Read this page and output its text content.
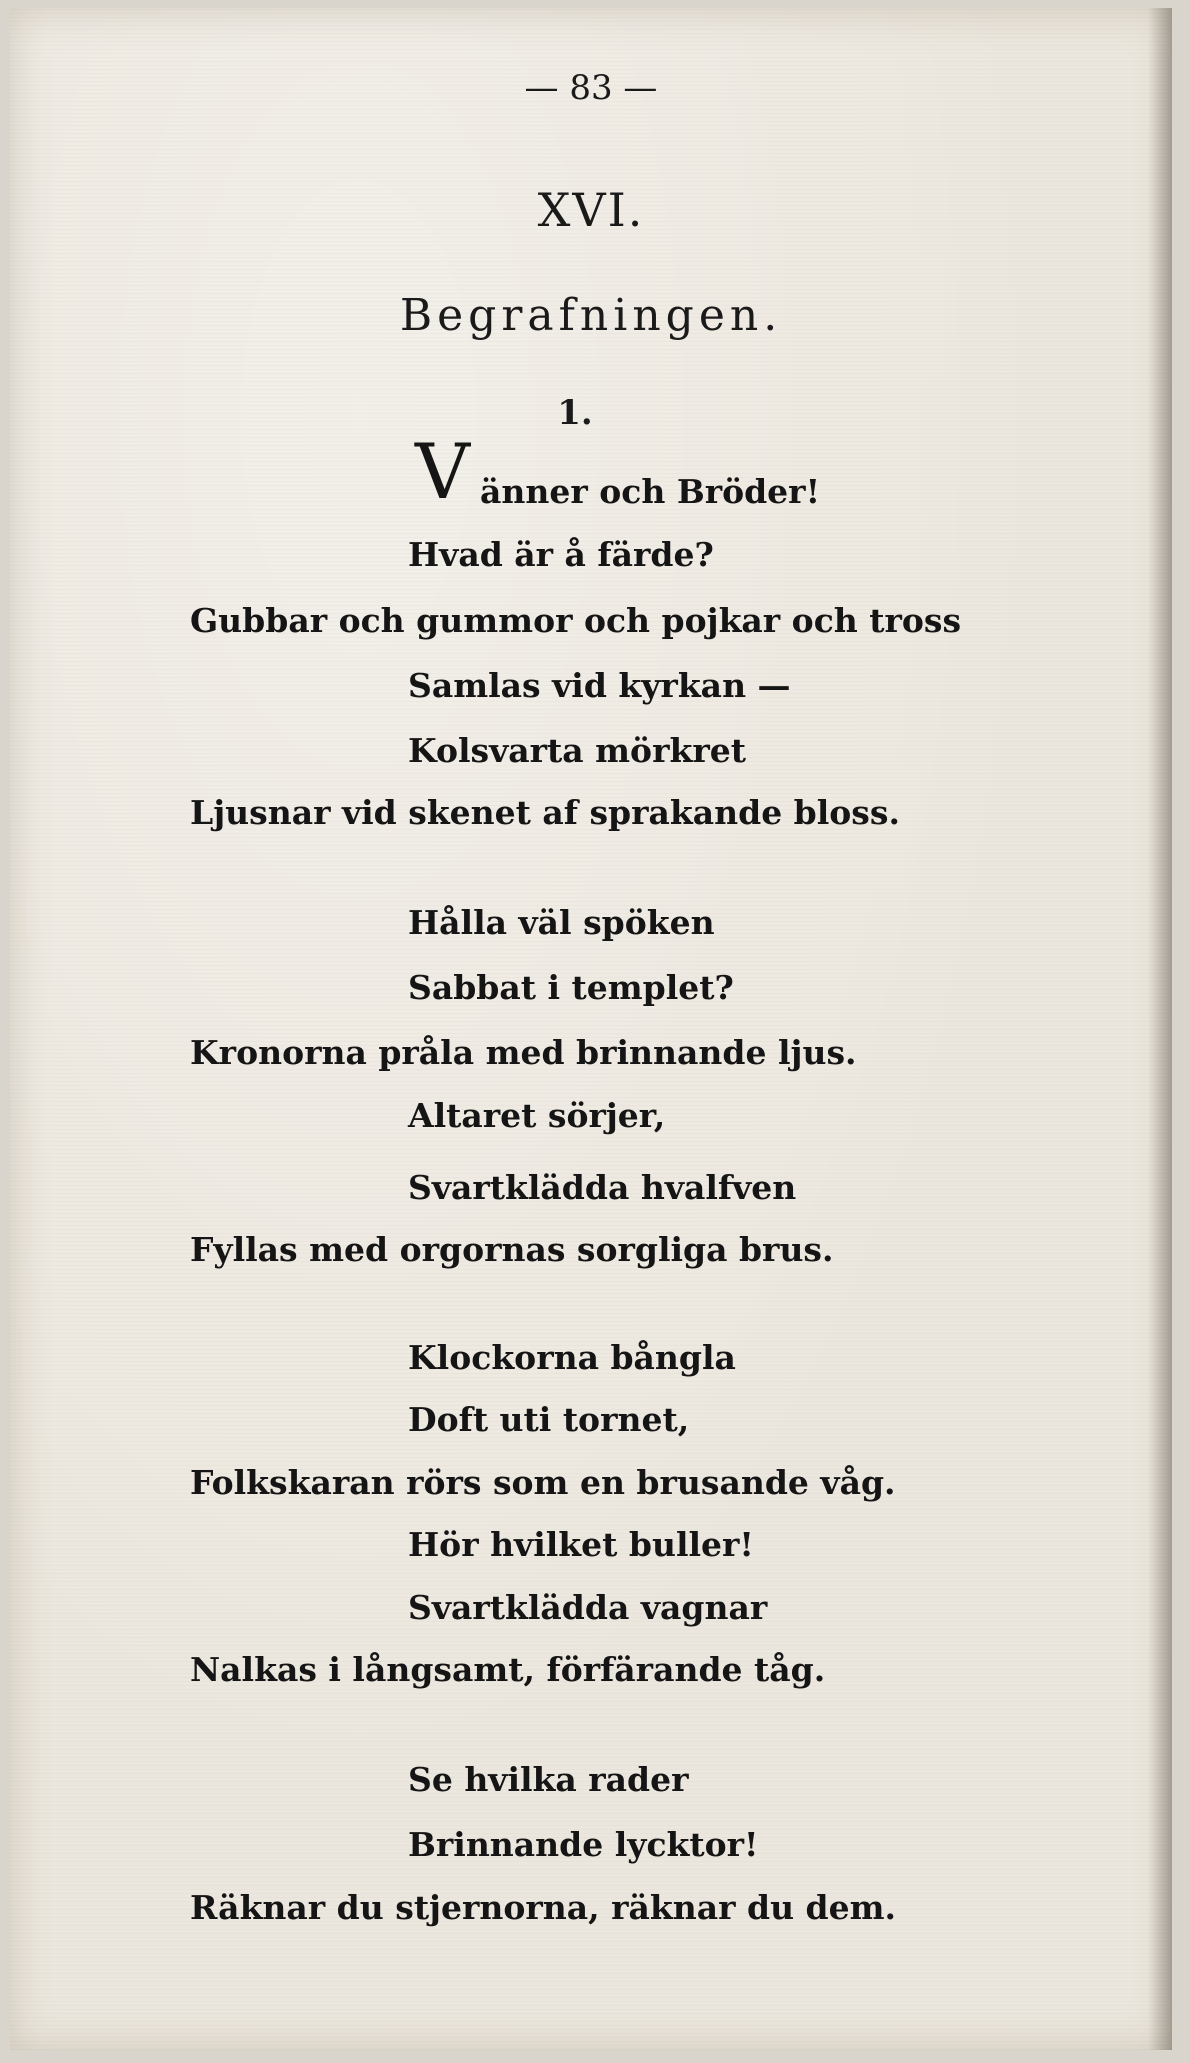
— 83 —
XVI.
Begrafningen.
1.
V änner och Bröder!
Hvad är å färde?
Gubbar och gummor och pojkar och tross
Samlas vid kyrkan —
Kolsvarta mörkret
Ljusnar vid skenet af sprakande bloss.
Hålla väl spöken
Sabbat i templet?
Kronorna pråla med brinnande ljus.
Altaret sörjer,
Svartklädda hvalfven
Fyllas med orgornas sorgliga brus.
Klockorna bångla
Doft uti tornet,
Folkskaran rörs som en brusande våg.
Hör hvilket buller!
Svartklädda vagnar
Nalkas i långsamt, förfärande tåg.
Se hvilka rader
Brinnande lycktor!
Räknar du stjernorna, räknar du dem.
